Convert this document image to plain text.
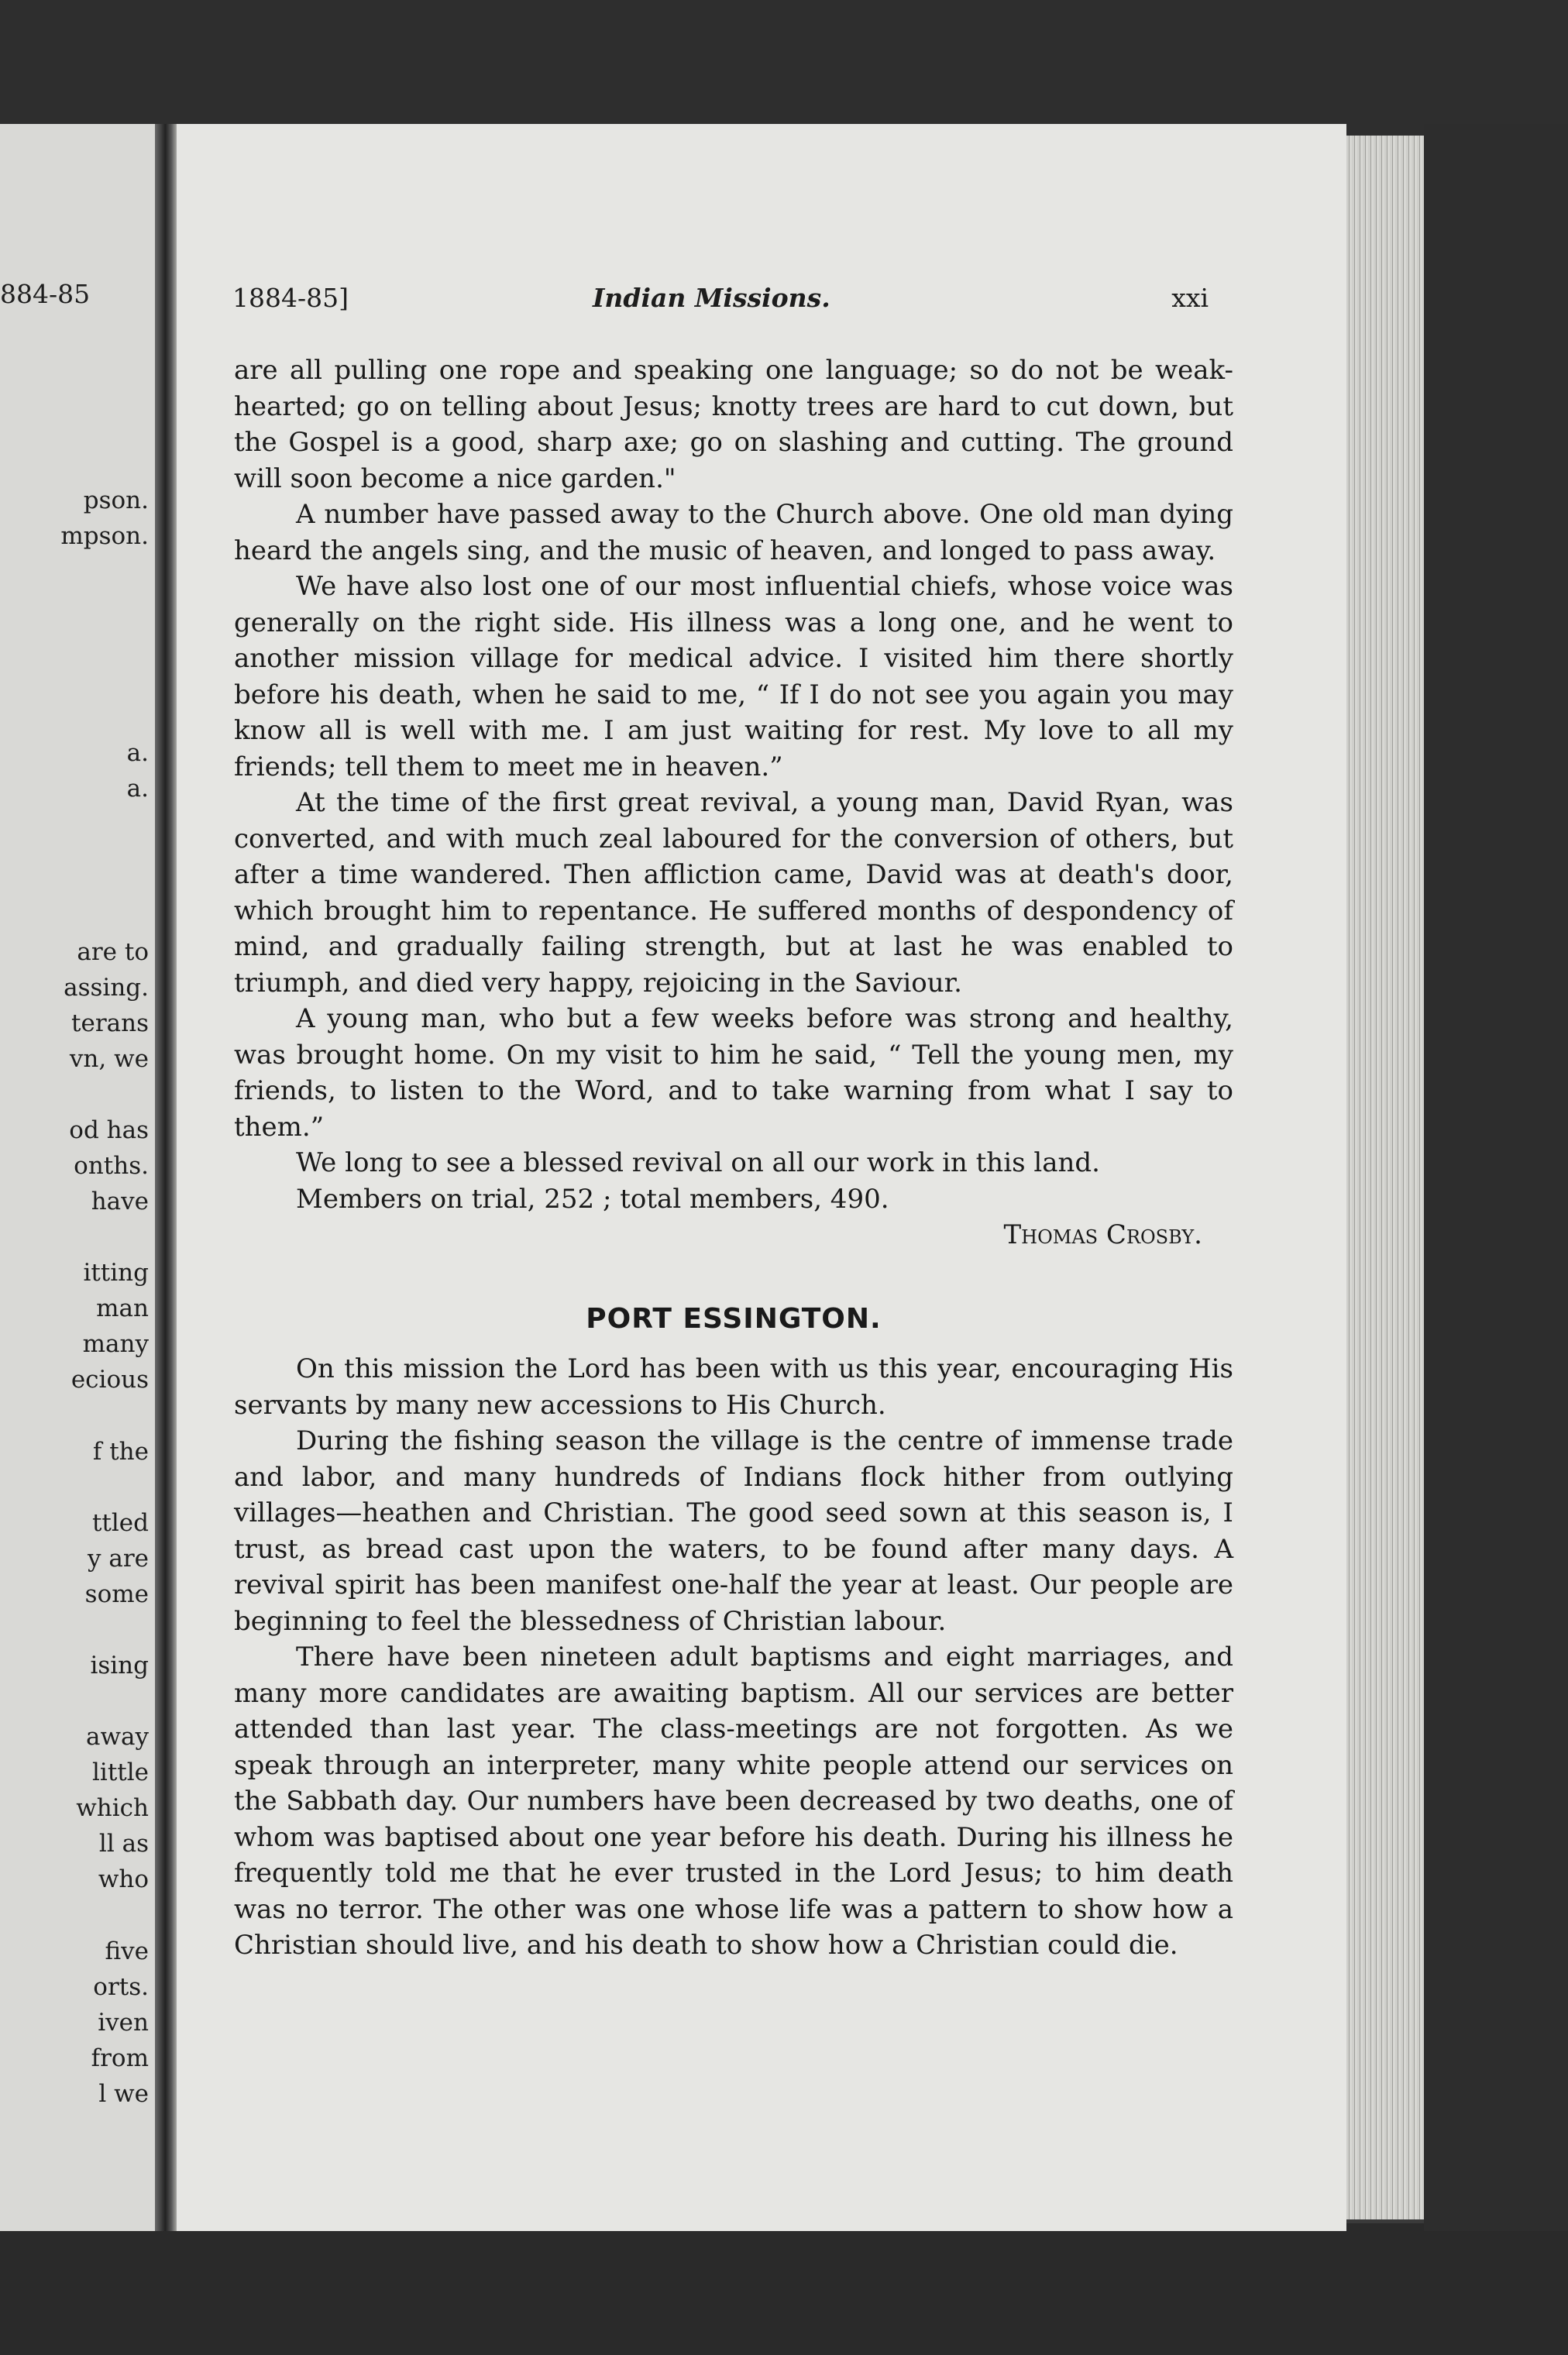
884-85
pson.
mpson.
a.
a.
are to
assing.
terans
vn, we
od has
onths.
have
itting
man
many
ecious
f the
ttled
y are
some
ising
away
little
which
ll as
who
five
orts.
iven
from
l we
1884-85]	Indian Missions.	xxi

are all pulling one rope and speaking one language; so do not be weak-hearted; go on telling about Jesus; knotty trees are hard to cut down, but the Gospel is a good, sharp axe; go on slashing and cutting. The ground will soon become a nice garden."

A number have passed away to the Church above. One old man dying heard the angels sing, and the music of heaven, and longed to pass away.

We have also lost one of our most influential chiefs, whose voice was generally on the right side. His illness was a long one, and he went to another mission village for medical advice. I visited him there shortly before his death, when he said to me, “ If I do not see you again you may know all is well with me. I am just waiting for rest. My love to all my friends; tell them to meet me in heaven.”

At the time of the first great revival, a young man, David Ryan, was converted, and with much zeal laboured for the conversion of others, but after a time wandered. Then affliction came, David was at death's door, which brought him to repentance. He suffered months of despondency of mind, and gradually failing strength, but at last he was enabled to triumph, and died very happy, rejoicing in the Saviour.

A young man, who but a few weeks before was strong and healthy, was brought home. On my visit to him he said, “ Tell the young men, my friends, to listen to the Word, and to take warning from what I say to them.”

We long to see a blessed revival on all our work in this land.

Members on trial, 252 ; total members, 490.

Thomas Crosby.

PORT ESSINGTON.

On this mission the Lord has been with us this year, encouraging His servants by many new accessions to His Church.

During the fishing season the village is the centre of immense trade and labor, and many hundreds of Indians flock hither from outlying villages—heathen and Christian. The good seed sown at this season is, I trust, as bread cast upon the waters, to be found after many days. A revival spirit has been manifest one-half the year at least. Our people are beginning to feel the blessedness of Christian labour.

There have been nineteen adult baptisms and eight marriages, and many more candidates are awaiting baptism. All our services are better attended than last year. The class-meetings are not forgotten. As we speak through an interpreter, many white people attend our services on the Sabbath day. Our numbers have been decreased by two deaths, one of whom was baptised about one year before his death. During his illness he frequently told me that he ever trusted in the Lord Jesus; to him death was no terror. The other was one whose life was a pattern to show how a Christian should live, and his death to show how a Christian could die.
